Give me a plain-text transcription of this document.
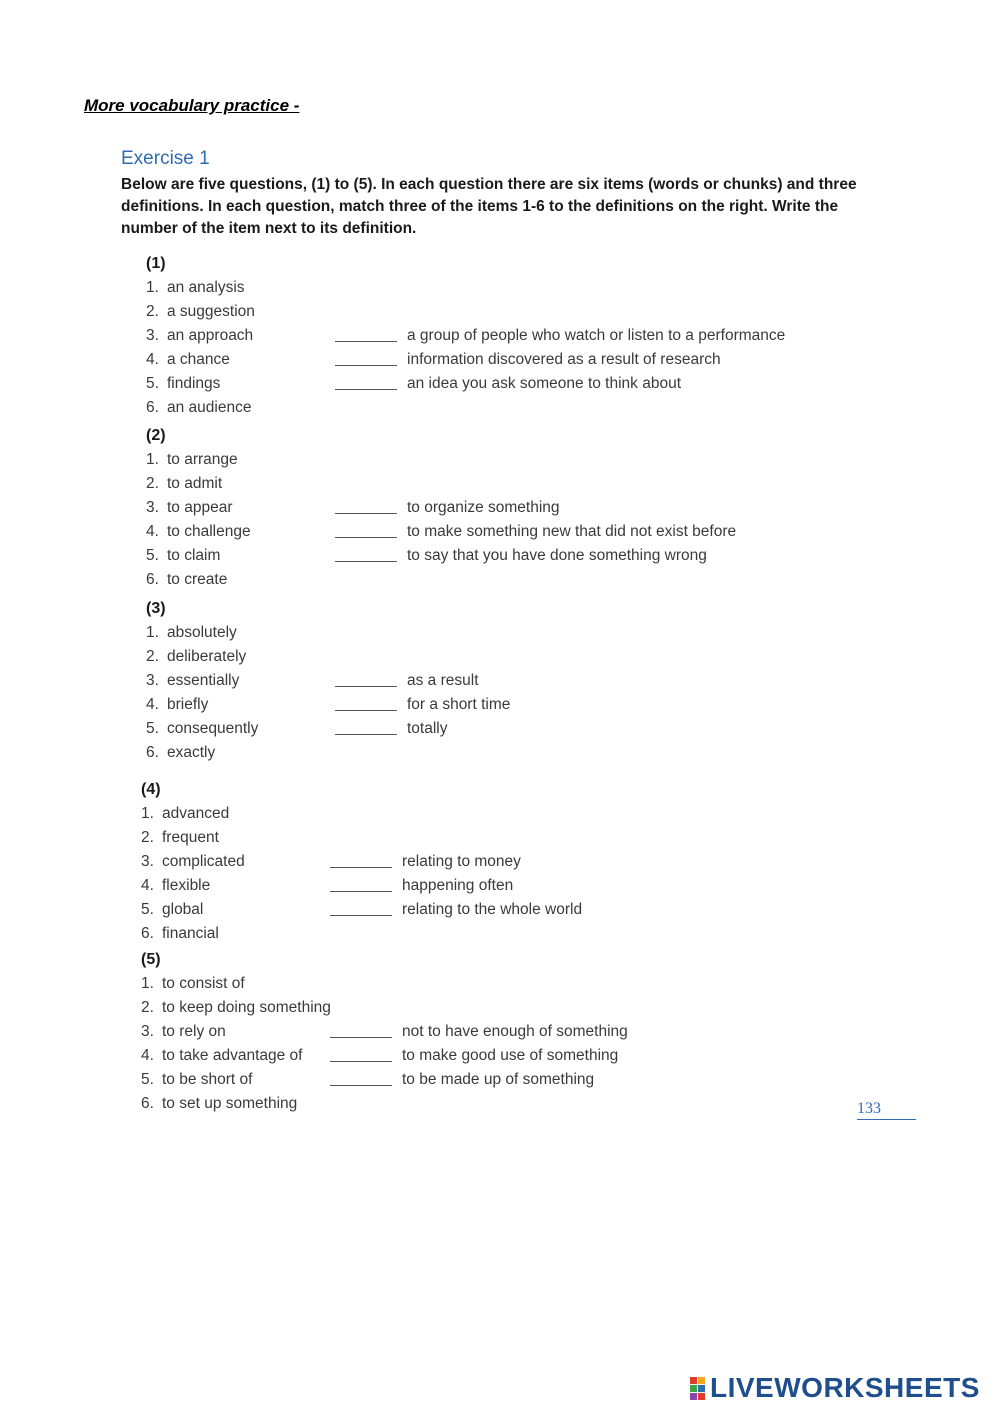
More vocabulary practice -
Exercise 1
Below are five questions, (1) to (5). In each question there are six items (words or chunks) and three definitions. In each question, match three of the items 1-6 to the definitions on the right. Write the number of the item next to its definition.
(1)
1. an analysis
2. a suggestion
3. an approach	a group of people who watch or listen to a performance
4. a chance	information discovered as a result of research
5. findings	an idea you ask someone to think about
6. an audience
(2)
1. to arrange
2. to admit
3. to appear	to organize something
4. to challenge	to make something new that did not exist before
5. to claim	to say that you have done something wrong
6. to create
(3)
1. absolutely
2. deliberately
3. essentially	as a result
4. briefly	for a short time
5. consequently	totally
6. exactly
(4)
1. advanced
2. frequent
3. complicated	relating to money
4. flexible	happening often
5. global	relating to the whole world
6. financial
(5)
1. to consist of
2. to keep doing something
3. to rely on	not to have enough of something
4. to take advantage of	to make good use of something
5. to be short of	to be made up of something
6. to set up something	133
LIVEWORKSHEETS
